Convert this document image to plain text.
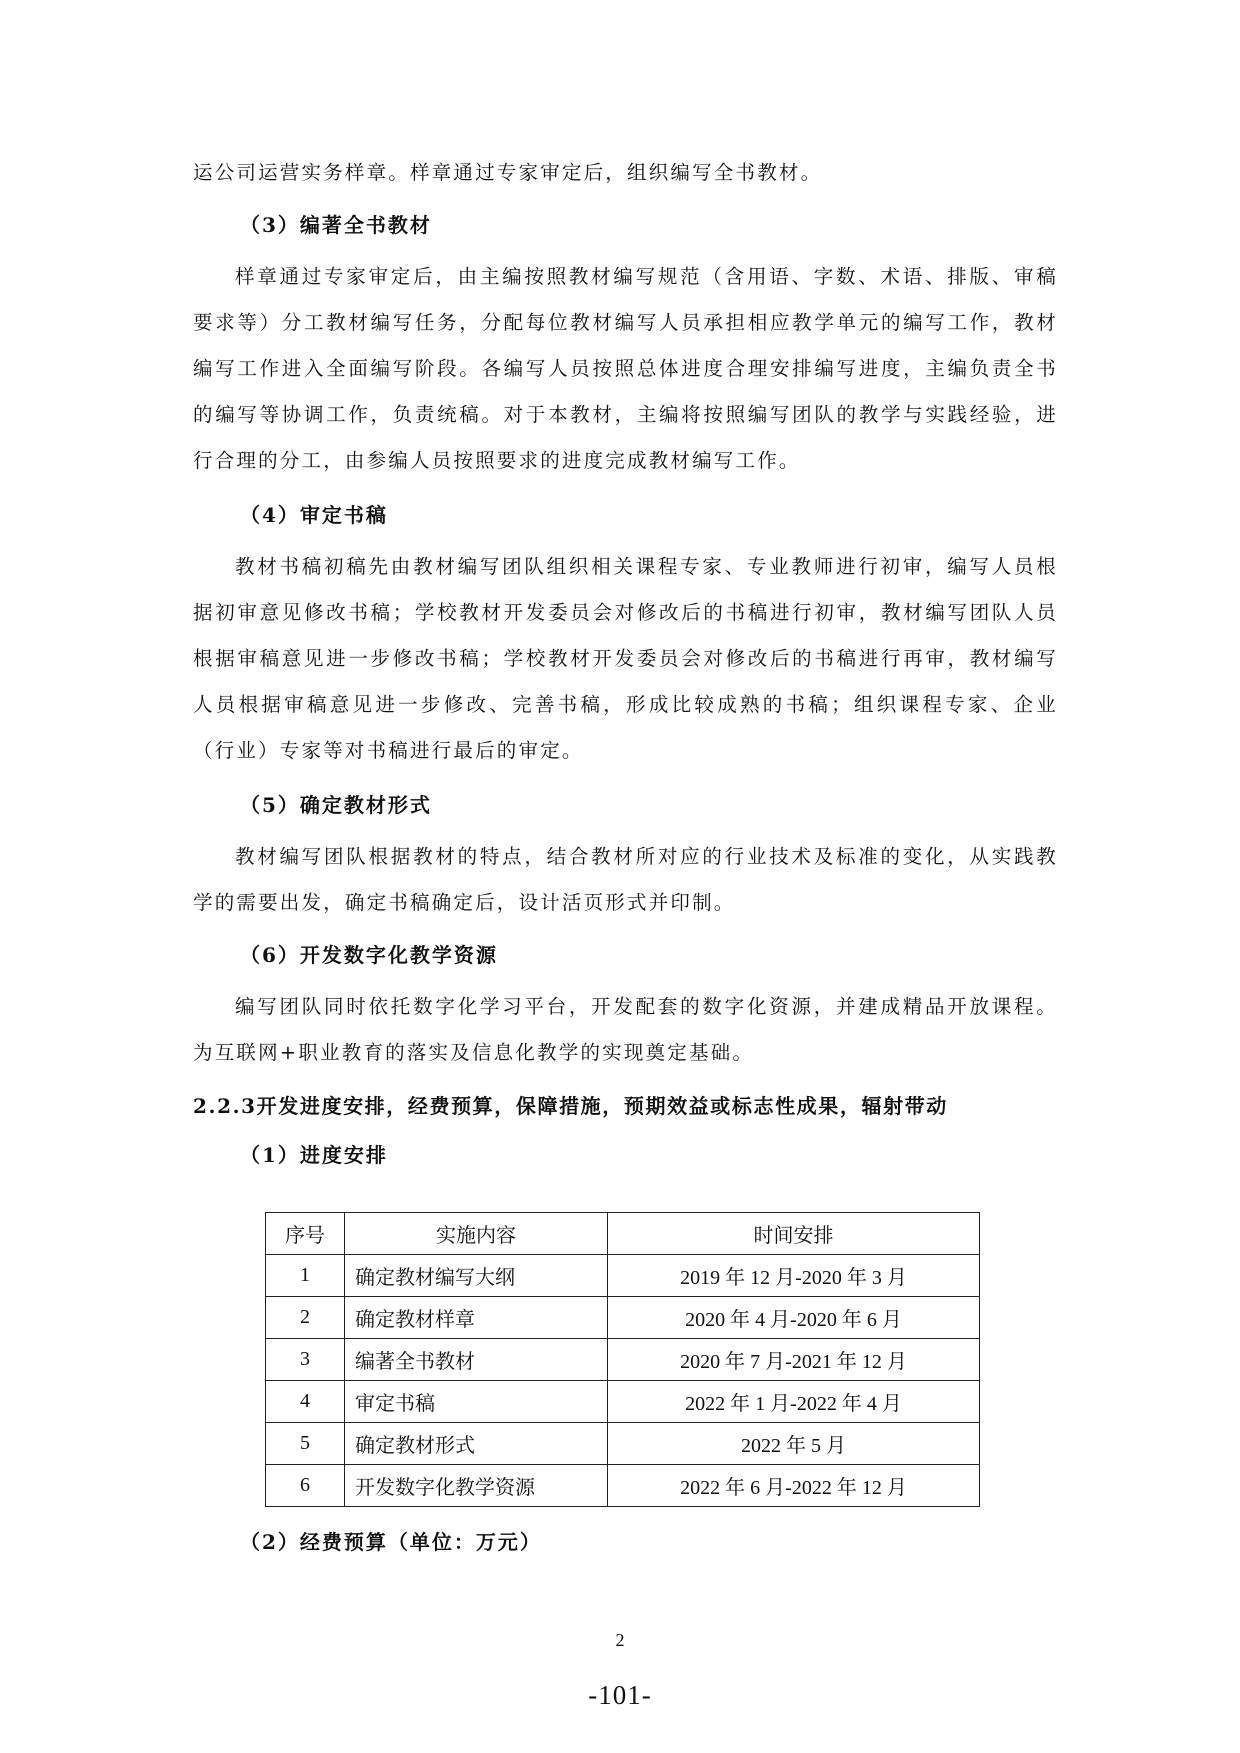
运公司运营实务样章。样章通过专家审定后，组织编写全书教材。
（3）编著全书教材

样章通过专家审定后，由主编按照教材编写规范（含用语、字数、术语、排版、审稿要求等）分工教材编写任务，分配每位教材编写人员承担相应教学单元的编写工作，教材编写工作进入全面编写阶段。各编写人员按照总体进度合理安排编写进度，主编负责全书的编写等协调工作，负责统稿。对于本教材，主编将按照编写团队的教学与实践经验，进行合理的分工，由参编人员按照要求的进度完成教材编写工作。

（4）审定书稿

教材书稿初稿先由教材编写团队组织相关课程专家、专业教师进行初审，编写人员根据初审意见修改书稿；学校教材开发委员会对修改后的书稿进行初审，教材编写团队人员根据审稿意见进一步修改书稿；学校教材开发委员会对修改后的书稿进行再审，教材编写人员根据审稿意见进一步修改、完善书稿，形成比较成熟的书稿；组织课程专家、企业（行业）专家等对书稿进行最后的审定。

（5）确定教材形式

教材编写团队根据教材的特点，结合教材所对应的行业技术及标准的变化，从实践教学的需要出发，确定书稿确定后，设计活页形式并印制。

（6）开发数字化教学资源

编写团队同时依托数字化学习平台，开发配套的数字化资源，并建成精品开放课程。为互联网+职业教育的落实及信息化教学的实现奠定基础。

2.2.3开发进度安排，经费预算，保障措施，预期效益或标志性成果，辐射带动
（1）进度安排
序号	实施内容	时间安排
1	确定教材编写大纲	2019 年 12 月-2020 年 3 月
2	确定教材样章	2020 年 4 月-2020 年 6 月
3	编著全书教材	2020 年 7 月-2021 年 12 月
4	审定书稿	2022 年 1 月-2022 年 4 月
5	确定教材形式	2022 年 5 月
6	开发数字化教学资源	2022 年 6 月-2022 年 12 月
（2）经费预算（单位：万元）
2
-101-
